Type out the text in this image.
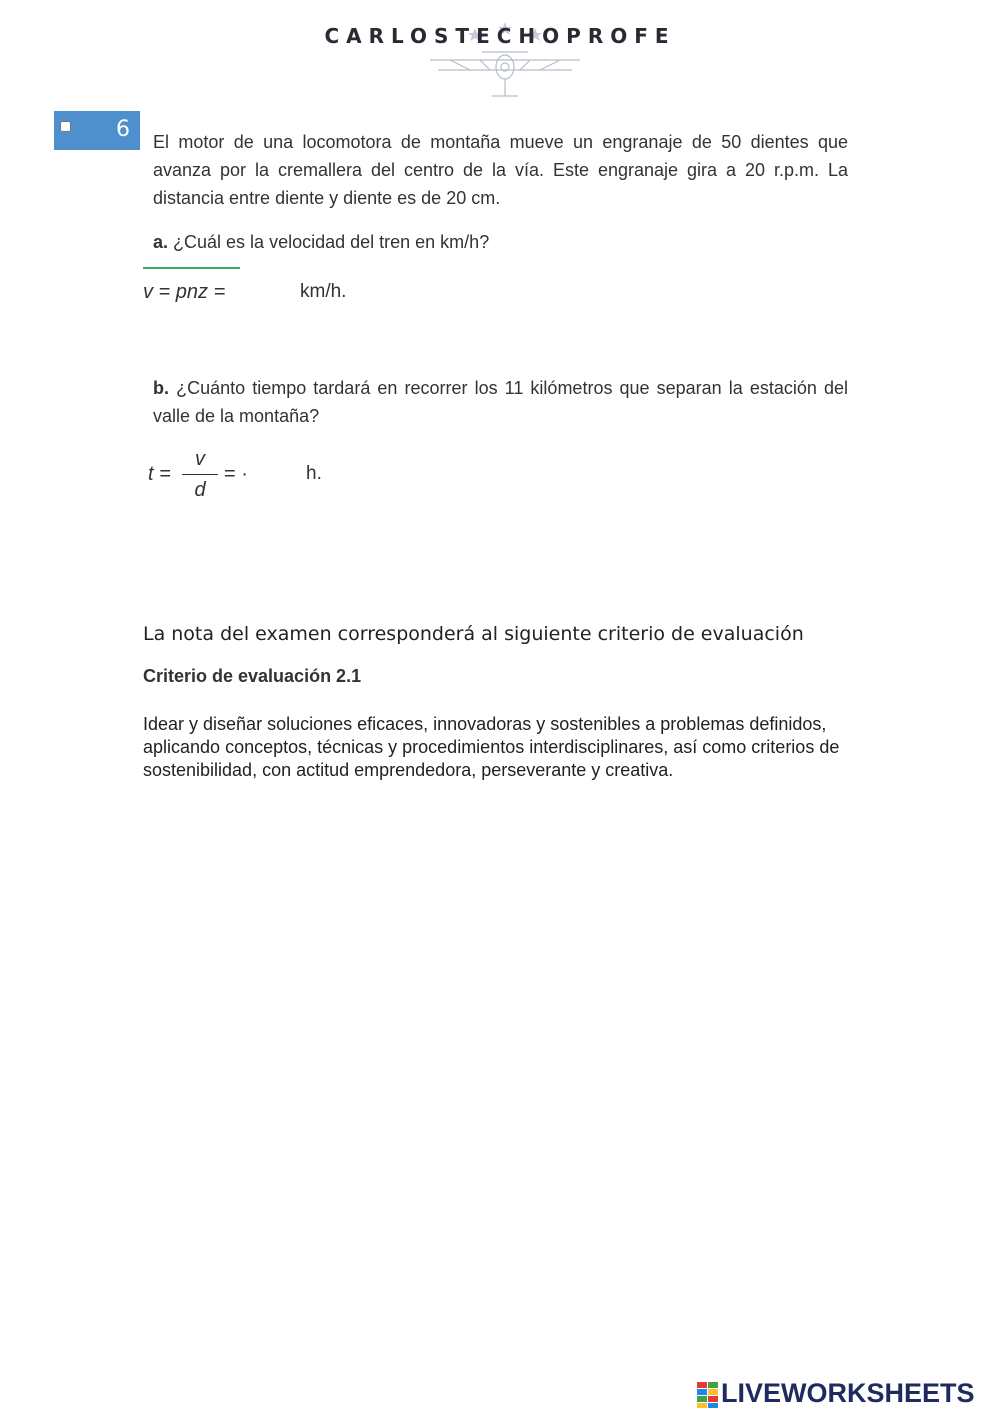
CARLOSTECHOPROFE
6 El motor de una locomotora de montaña mueve un engranaje de 50 dientes que avanza por la cremallera del centro de la vía. Este engranaje gira a 20 r.p.m. La distancia entre diente y diente es de 20 cm.
a. ¿Cuál es la velocidad del tren en km/h?
v = pnz =	km/h.
b. ¿Cuánto tiempo tardará en recorrer los 11 kilómetros que separan la estación del valle de la montaña?
t =
v
d
= ·	h.
La nota del examen corresponderá al siguiente criterio de evaluación
Criterio de evaluación 2.1
Idear y diseñar soluciones eficaces, innovadoras y sostenibles a problemas definidos, aplicando conceptos, técnicas y procedimientos interdisciplinares, así como criterios de sostenibilidad, con actitud emprendedora, perseverante y creativa.
LIVEWORKSHEETS
